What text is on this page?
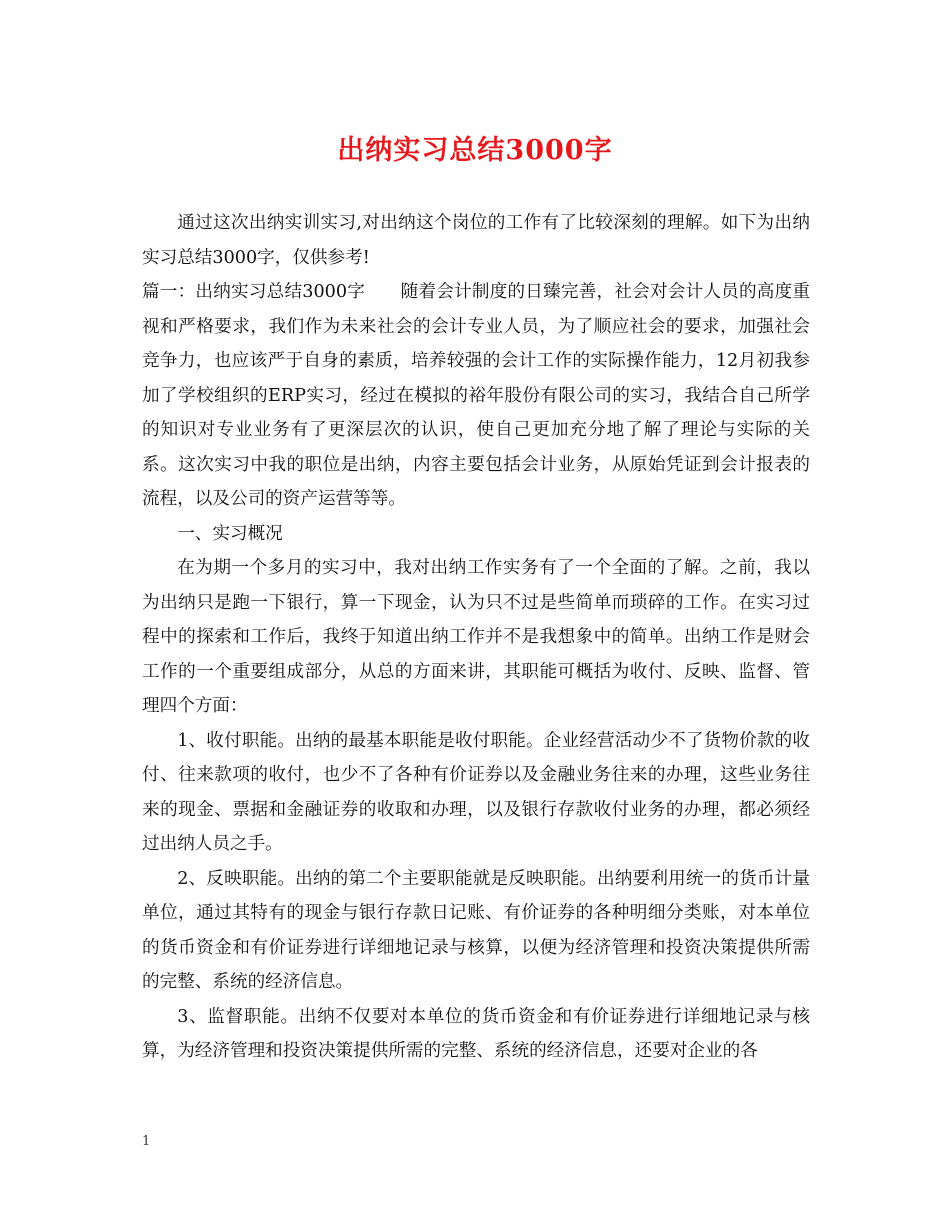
出纳实习总结3000字

通过这次出纳实训实习,对出纳这个岗位的工作有了比较深刻的理解。如下为出纳实习总结3000字，仅供参考!

篇一：出纳实习总结3000字　　随着会计制度的日臻完善，社会对会计人员的高度重视和严格要求，我们作为未来社会的会计专业人员，为了顺应社会的要求，加强社会竞争力，也应该严于自身的素质，培养较强的会计工作的实际操作能力，12月初我参加了学校组织的ERP实习，经过在模拟的裕年股份有限公司的实习，我结合自己所学的知识对专业业务有了更深层次的认识，使自己更加充分地了解了理论与实际的关系。这次实习中我的职位是出纳，内容主要包括会计业务，从原始凭证到会计报表的流程，以及公司的资产运营等等。

一、实习概况

在为期一个多月的实习中，我对出纳工作实务有了一个全面的了解。之前，我以为出纳只是跑一下银行，算一下现金，认为只不过是些简单而琐碎的工作。在实习过程中的探索和工作后，我终于知道出纳工作并不是我想象中的简单。出纳工作是财会工作的一个重要组成部分，从总的方面来讲，其职能可概括为收付、反映、监督、管理四个方面：

1、收付职能。出纳的最基本职能是收付职能。企业经营活动少不了货物价款的收付、往来款项的收付，也少不了各种有价证券以及金融业务往来的办理，这些业务往来的现金、票据和金融证券的收取和办理，以及银行存款收付业务的办理，都必须经过出纳人员之手。

2、反映职能。出纳的第二个主要职能就是反映职能。出纳要利用统一的货币计量单位，通过其特有的现金与银行存款日记账、有价证券的各种明细分类账，对本单位的货币资金和有价证券进行详细地记录与核算，以便为经济管理和投资决策提供所需的完整、系统的经济信息。

3、监督职能。出纳不仅要对本单位的货币资金和有价证券进行详细地记录与核算，为经济管理和投资决策提供所需的完整、系统的经济信息，还要对企业的各

1
